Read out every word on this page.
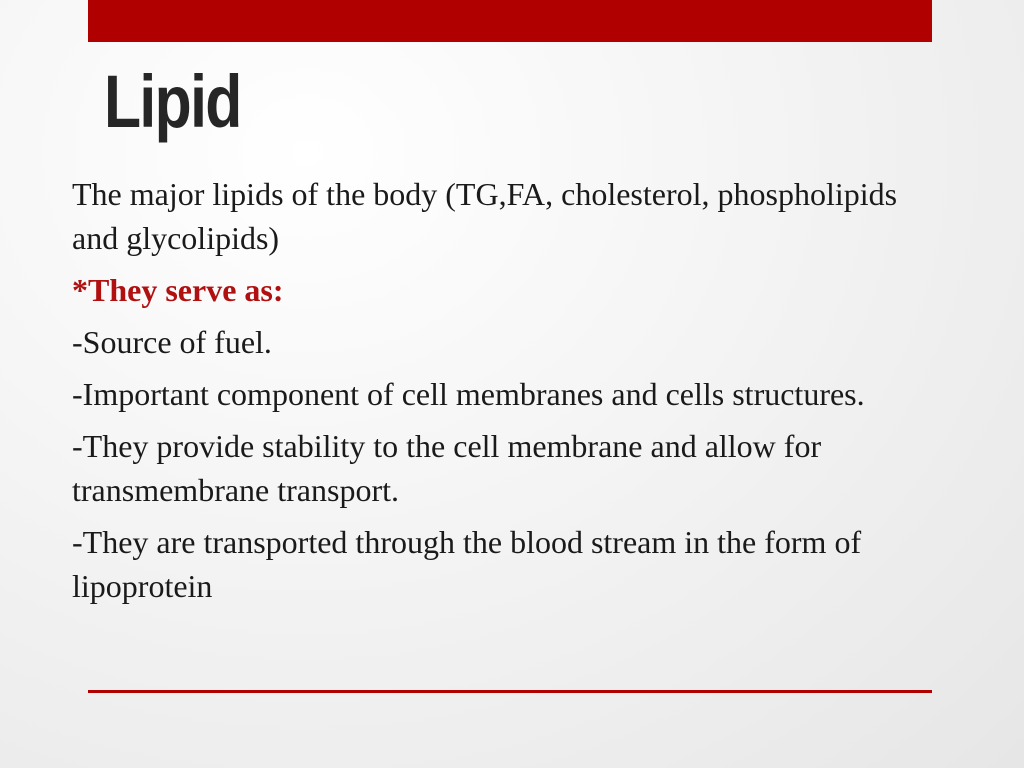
Lipid

The major lipids of the body (TG,FA, cholesterol, phospholipids and glycolipids)

*They serve as:

-Source of fuel.

-Important component of cell membranes and cells structures.

-They provide stability to the cell membrane and allow for transmembrane transport.

-They are transported through the blood stream in the form of lipoprotein
